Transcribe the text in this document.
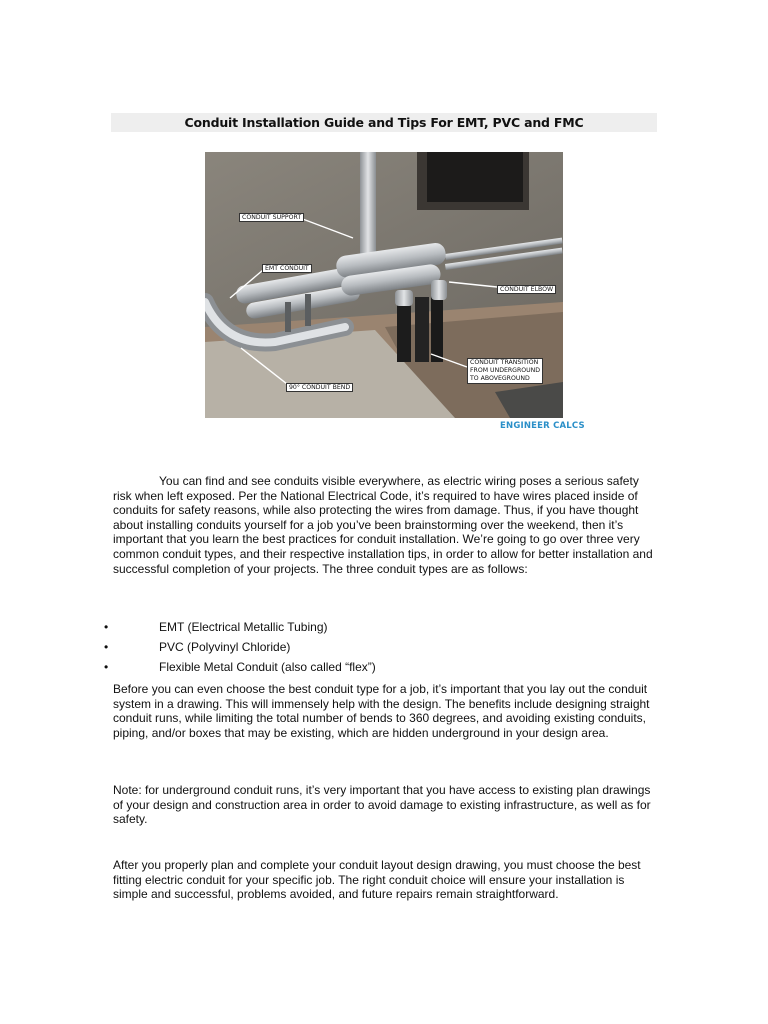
Conduit Installation Guide and Tips For EMT, PVC and FMC
CONDUIT SUPPORT
EMT CONDUIT
CONDUIT ELBOW
CONDUIT TRANSITION
FROM UNDERGROUND
TO ABOVEGROUND
90° CONDUIT BEND
ENGINEER CALCS

You can find and see conduits visible everywhere, as electric wiring poses a serious safety risk when left exposed. Per the National Electrical Code, it’s required to have wires placed inside of conduits for safety reasons, while also protecting the wires from damage. Thus, if you have thought about installing conduits yourself for a job you’ve been brainstorming over the weekend, then it’s important that you learn the best practices for conduit installation. We’re going to go over three very common conduit types, and their respective installation tips, in order to allow for better installation and successful completion of your projects. The three conduit types are as follows:

•	EMT (Electrical Metallic Tubing)
•	PVC (Polyvinyl Chloride)
•	Flexible Metal Conduit (also called “flex”)

Before you can even choose the best conduit type for a job, it’s important that you lay out the conduit system in a drawing. This will immensely help with the design. The benefits include designing straight conduit runs, while limiting the total number of bends to 360 degrees, and avoiding existing conduits, piping, and/or boxes that may be existing, which are hidden underground in your design area.

Note: for underground conduit runs, it’s very important that you have access to existing plan drawings of your design and construction area in order to avoid damage to existing infrastructure, as well as for safety.

After you properly plan and complete your conduit layout design drawing, you must choose the best fitting electric conduit for your specific job. The right conduit choice will ensure your installation is simple and successful, problems avoided, and future repairs remain straightforward.
